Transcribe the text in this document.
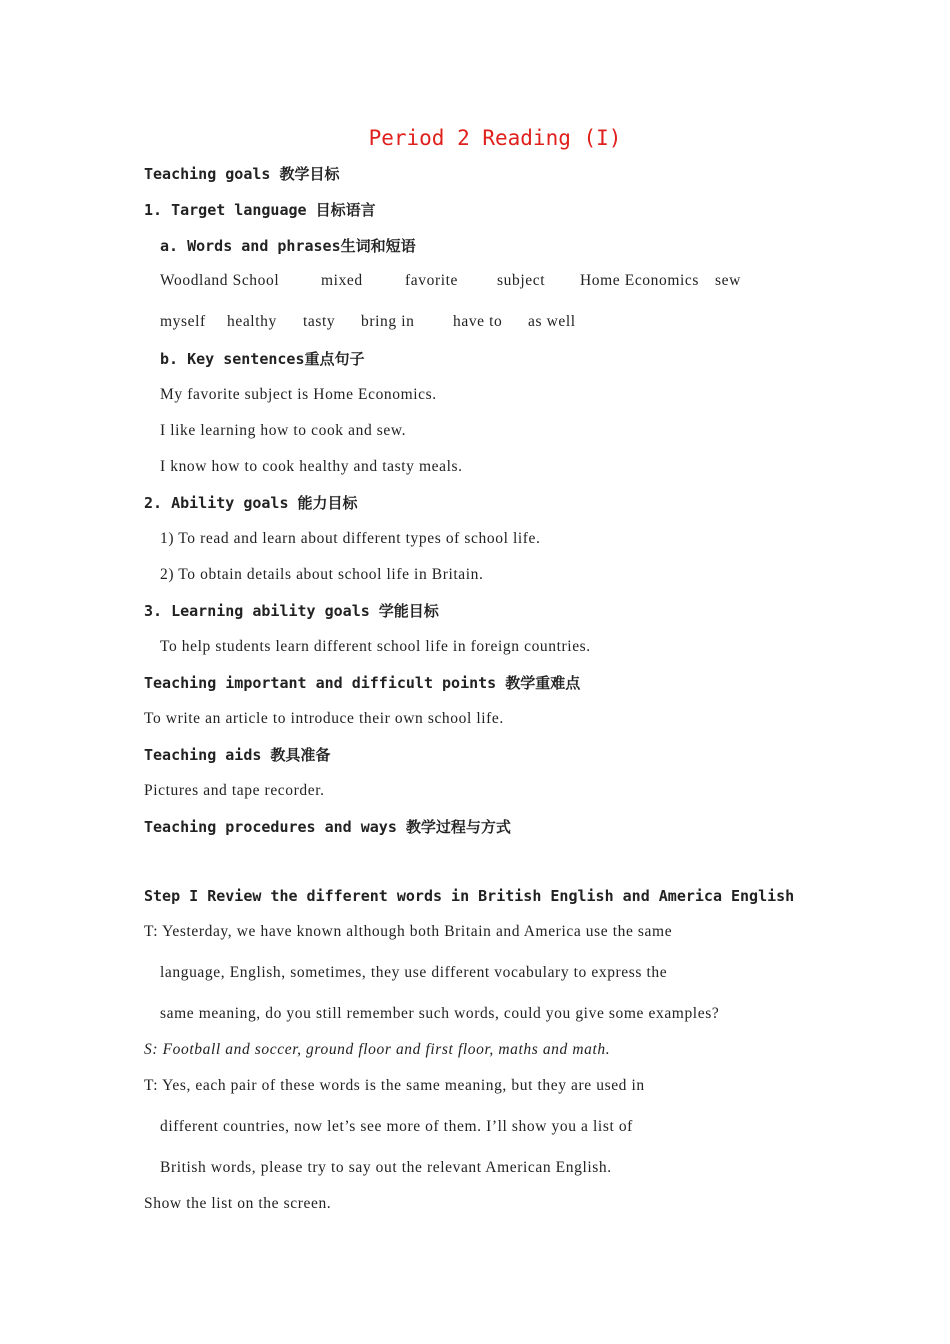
Period 2 Reading (I)
Teaching goals 教学目标
1. Target language 目标语言
a. Words and phrases生词和短语
Woodland School	mixed	favorite	subject Home Economics sew
myself healthy tasty bring in have to as well
b. Key sentences重点句子
My favorite subject is Home Economics.
I like learning how to cook and sew.
I know how to cook healthy and tasty meals.
2. Ability goals 能力目标
1) To read and learn about different types of school life.
2) To obtain details about school life in Britain.
3. Learning ability goals 学能目标
To help students learn different school life in foreign countries.
Teaching important and difficult points 教学重难点
To write an article to introduce their own school life.
Teaching aids 教具准备
Pictures and tape recorder.
Teaching procedures and ways 教学过程与方式
Step I Review the different words in British English and America English
T: Yesterday, we have known although both Britain and America use the same
language, English, sometimes, they use different vocabulary to express the
same meaning, do you still remember such words, could you give some examples?
S: Football and soccer, ground floor and first floor, maths and math.
T: Yes, each pair of these words is the same meaning, but they are used in
different countries, now let’s see more of them. I’ll show you a list of
British words, please try to say out the relevant American English.
Show the list on the screen.
